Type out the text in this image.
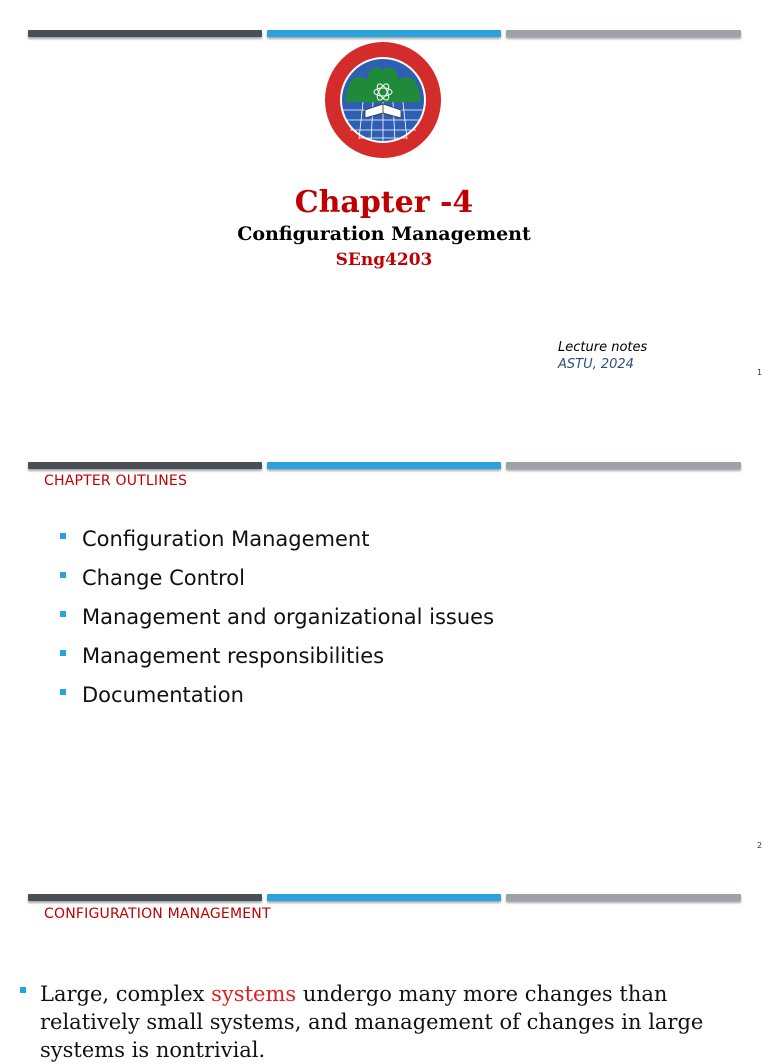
Chapter -4
Configuration Management
SEng4203
Lecture notes
ASTU, 2024
1
CHAPTER OUTLINES
2
Configuration Management
Change Control
Management and organizational issues
Management responsibilities
Documentation
CONFIGURATION MANAGEMENT

Large, complex systems undergo many more changes than relatively small systems, and management of changes in large systems is nontrivial.
